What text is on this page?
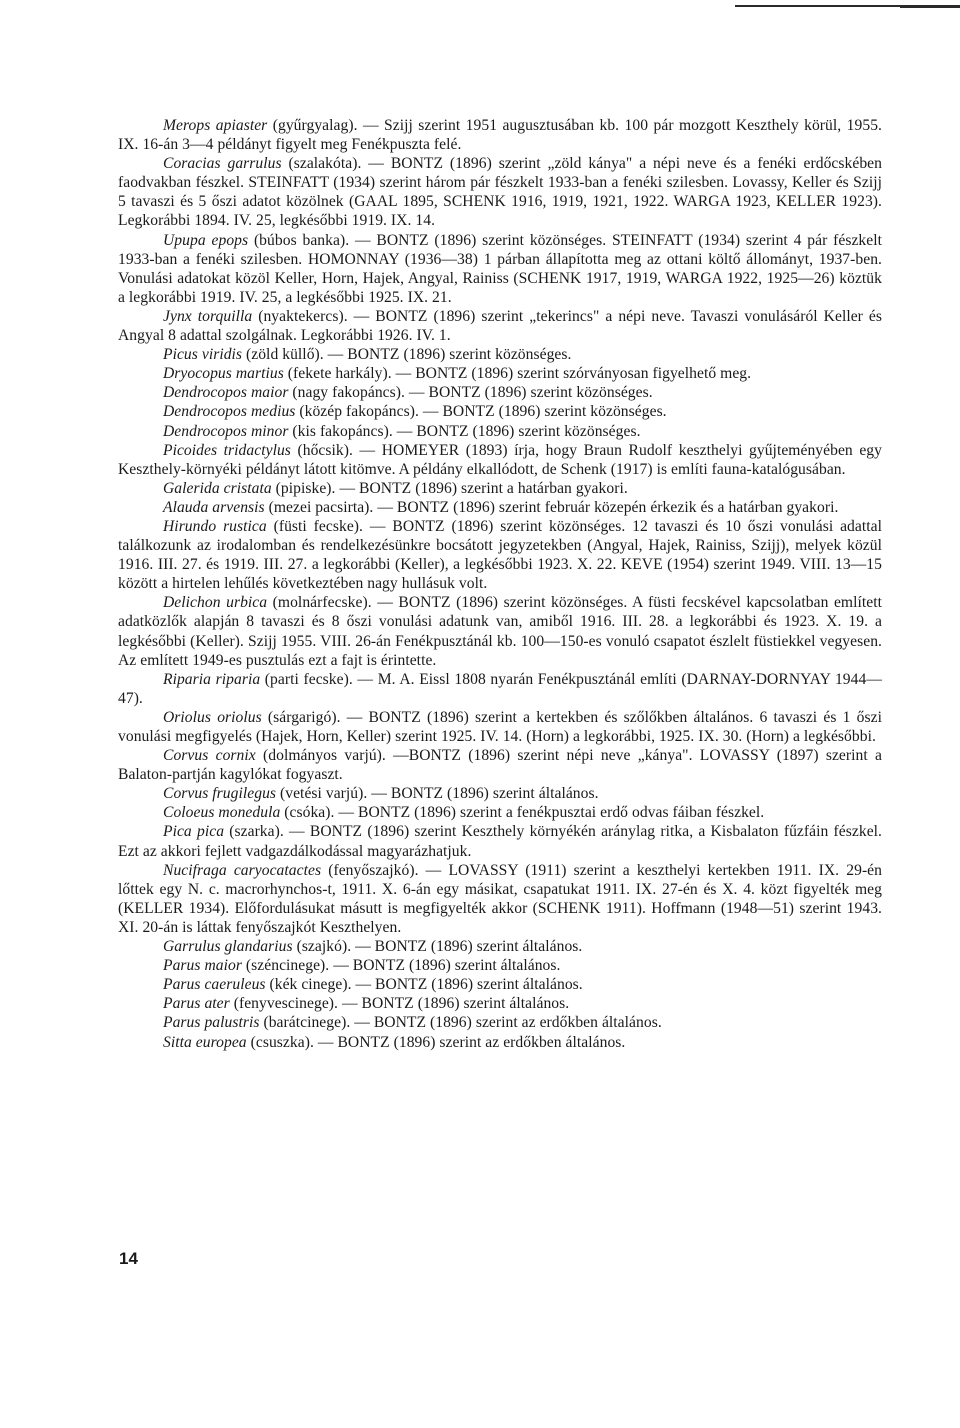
Merops apiaster (gyűrgyalag). — Szijj szerint 1951 augusztusában kb. 100 pár mozgott Keszthely körül, 1955. IX. 16-án 3—4 példányt figyelt meg Fenékpuszta felé.

Coracias garrulus (szalakóta). — BONTZ (1896) szerint „zöld kánya" a népi neve és a fenéki erdőcskében faodvakban fészkel. STEINFATT (1934) szerint három pár fészkelt 1933-ban a fenéki szilesben. Lovassy, Keller és Szijj 5 tavaszi és 5 őszi adatot közölnek (GAAL 1895, SCHENK 1916, 1919, 1921, 1922. WARGA 1923, KELLER 1923). Legkorábbi 1894. IV. 25, legkésőbbi 1919. IX. 14.

Upupa epops (búbos banka). — BONTZ (1896) szerint közönséges. STEINFATT (1934) szerint 4 pár fészkelt 1933-ban a fenéki szilesben. HOMONNAY (1936—38) 1 párban állapította meg az ottani költő állományt, 1937-ben. Vonulási adatokat közöl Keller, Horn, Hajek, Angyal, Rainiss (SCHENK 1917, 1919, WARGA 1922, 1925—26) köztük a legkorábbi 1919. IV. 25, a legkésőbbi 1925. IX. 21.

Jynx torquilla (nyaktekercs). — BONTZ (1896) szerint „tekerincs" a népi neve. Tavaszi vonulásáról Keller és Angyal 8 adattal szolgálnak. Legkorábbi 1926. IV. 1.

Picus viridis (zöld küllő). — BONTZ (1896) szerint közönséges.

Dryocopus martius (fekete harkály). — BONTZ (1896) szerint szórványosan figyelhető meg.

Dendrocopos maior (nagy fakopáncs). — BONTZ (1896) szerint közönséges.

Dendrocopos medius (közép fakopáncs). — BONTZ (1896) szerint közönséges.

Dendrocopos minor (kis fakopáncs). — BONTZ (1896) szerint közönséges.

Picoides tridactylus (hőcsik). — HOMEYER (1893) írja, hogy Braun Rudolf keszthelyi gyűjteményében egy Keszthely-környéki példányt látott kitömve. A példány elkallódott, de Schenk (1917) is említi fauna-katalógusában.

Galerida cristata (pipiske). — BONTZ (1896) szerint a határban gyakori.

Alauda arvensis (mezei pacsirta). — BONTZ (1896) szerint február közepén érkezik és a határban gyakori.

Hirundo rustica (füsti fecske). — BONTZ (1896) szerint közönséges. 12 tavaszi és 10 őszi vonulási adattal találkozunk az irodalomban és rendelkezésünkre bocsátott jegyzetekben (Angyal, Hajek, Rainiss, Szijj), melyek közül 1916. III. 27. és 1919. III. 27. a legkorábbi (Keller), a legkésőbbi 1923. X. 22. KEVE (1954) szerint 1949. VIII. 13—15 között a hirtelen lehűlés következtében nagy hullásuk volt.

Delichon urbica (molnárfecske). — BONTZ (1896) szerint közönséges. A füsti fecskével kapcsolatban említett adatközlők alapján 8 tavaszi és 8 őszi vonulási adatunk van, amiből 1916. III. 28. a legkorábbi és 1923. X. 19. a legkésőbbi (Keller). Szijj 1955. VIII. 26-án Fenékpusztánál kb. 100—150-es vonuló csapatot észlelt füstiekkel vegyesen. Az említett 1949-es pusztulás ezt a fajt is érintette.

Riparia riparia (parti fecske). — M. A. Eissl 1808 nyarán Fenékpusztánál említi (DARNAY-DORNYAY 1944—47).

Oriolus oriolus (sárgarigó). — BONTZ (1896) szerint a kertekben és szőlőkben általános. 6 tavaszi és 1 őszi vonulási megfigyelés (Hajek, Horn, Keller) szerint 1925. IV. 14. (Horn) a legkorábbi, 1925. IX. 30. (Horn) a legkésőbbi.

Corvus cornix (dolmányos varjú). —BONTZ (1896) szerint népi neve „kánya". LOVASSY (1897) szerint a Balaton-partján kagylókat fogyaszt.

Corvus frugilegus (vetési varjú). — BONTZ (1896) szerint általános.

Coloeus monedula (csóka). — BONTZ (1896) szerint a fenékpusztai erdő odvas fáiban fészkel.

Pica pica (szarka). — BONTZ (1896) szerint Keszthely környékén aránylag ritka, a Kisbalaton fűzfáin fészkel. Ezt az akkori fejlett vadgazdálkodással magyarázhatjuk.

Nucifraga caryocatactes (fenyőszajkó). — LOVASSY (1911) szerint a keszthelyi kertekben 1911. IX. 29-én lőttek egy N. c. macrorhynchos-t, 1911. X. 6-án egy másikat, csapatukat 1911. IX. 27-én és X. 4. közt figyelték meg (KELLER 1934). Előfordulásukat másutt is megfigyelték akkor (SCHENK 1911). Hoffmann (1948—51) szerint 1943. XI. 20-án is láttak fenyőszajkót Keszthelyen.

Garrulus glandarius (szajkó). — BONTZ (1896) szerint általános.

Parus maior (széncinege). — BONTZ (1896) szerint általános.

Parus caeruleus (kék cinege). — BONTZ (1896) szerint általános.

Parus ater (fenyvescinege). — BONTZ (1896) szerint általános.

Parus palustris (barátcinege). — BONTZ (1896) szerint az erdőkben általános.

Sitta europea (csuszka). — BONTZ (1896) szerint az erdőkben általános.

14
